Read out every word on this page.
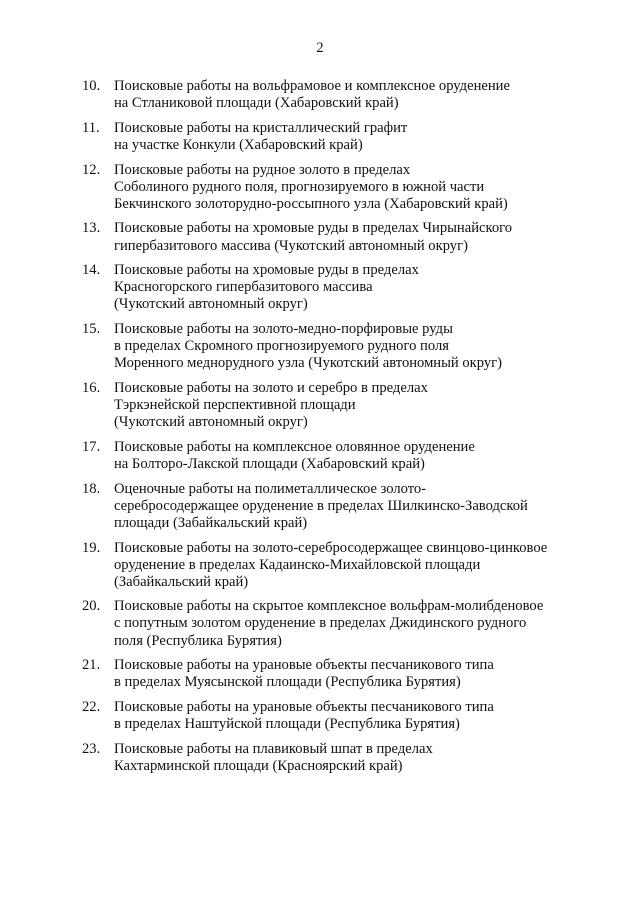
2
10. Поисковые работы на вольфрамовое и комплексное оруденение
на Стланиковой площади (Хабаровский край)
11. Поисковые работы на кристаллический графит
на участке Конкули (Хабаровский край)
12. Поисковые работы на рудное золото в пределах
Соболиного рудного поля, прогнозируемого в южной части
Бекчинского золоторудно-россыпного узла (Хабаровский край)
13. Поисковые работы на хромовые руды в пределах Чирынайского
гипербазитового массива (Чукотский автономный округ)
14. Поисковые работы на хромовые руды в пределах
Красногорского гипербазитового массива
(Чукотский автономный округ)
15. Поисковые работы на золото-медно-порфировые руды
в пределах Скромного прогнозируемого рудного поля
Моренного меднорудного узла (Чукотский автономный округ)
16. Поисковые работы на золото и серебро в пределах
Тэркэнейской перспективной площади
(Чукотский автономный округ)
17. Поисковые работы на комплексное оловянное оруденение
на Болторо-Лакской площади (Хабаровский край)
18. Оценочные работы на полиметаллическое золото-
серебросодержащее оруденение в пределах Шилкинско-Заводской
площади (Забайкальский край)
19. Поисковые работы на золото-серебросодержащее свинцово-цинковое
оруденение в пределах Кадаинско-Михайловской площади
(Забайкальский край)
20. Поисковые работы на скрытое комплексное вольфрам-молибденовое
с попутным золотом оруденение в пределах Джидинского рудного
поля (Республика Бурятия)
21. Поисковые работы на урановые объекты песчаникового типа
в пределах Муясынской площади (Республика Бурятия)
22. Поисковые работы на урановые объекты песчаникового типа
в пределах Наштуйской площади (Республика Бурятия)
23. Поисковые работы на плавиковый шпат в пределах
Кахтарминской площади (Красноярский край)
